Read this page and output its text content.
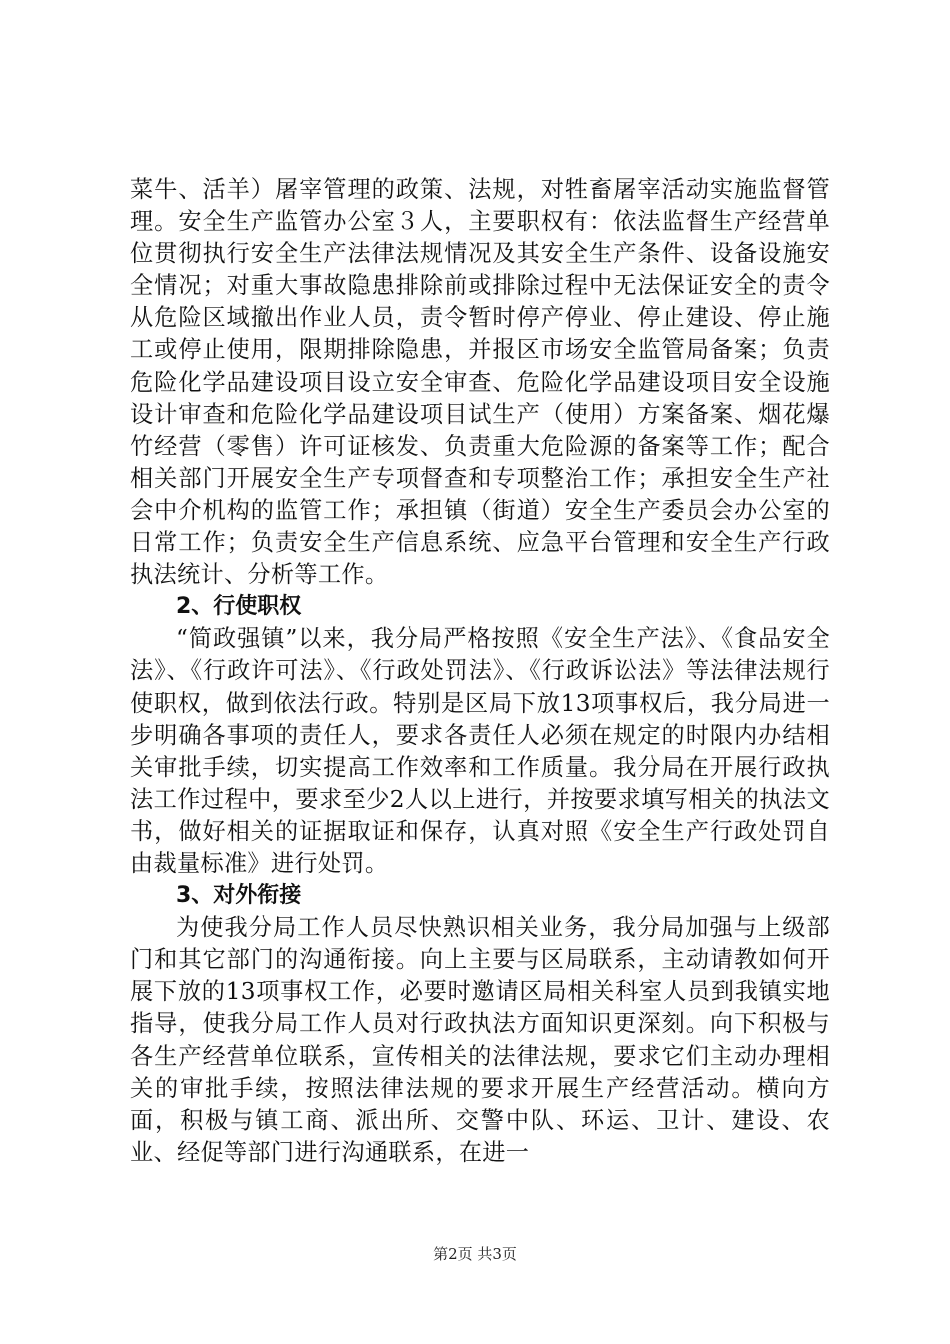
菜牛、活羊）屠宰管理的政策、法规，对牲畜屠宰活动实施监督管理。安全生产监管办公室３人，主要职权有：依法监督生产经营单位贯彻执行安全生产法律法规情况及其安全生产条件、设备设施安全情况；对重大事故隐患排除前或排除过程中无法保证安全的责令从危险区域撤出作业人员，责令暂时停产停业、停止建设、停止施工或停止使用，限期排除隐患，并报区市场安全监管局备案；负责危险化学品建设项目设立安全审查、危险化学品建设项目安全设施设计审查和危险化学品建设项目试生产（使用）方案备案、烟花爆竹经营（零售）许可证核发、负责重大危险源的备案等工作；配合相关部门开展安全生产专项督查和专项整治工作；承担安全生产社会中介机构的监管工作；承担镇（街道）安全生产委员会办公室的日常工作；负责安全生产信息系统、应急平台管理和安全生产行政执法统计、分析等工作。

2、行使职权

“简政强镇”以来，我分局严格按照《安全生产法》、《食品安全法》、《行政许可法》、《行政处罚法》、《行政诉讼法》等法律法规行使职权，做到依法行政。特别是区局下放13项事权后，我分局进一步明确各事项的责任人，要求各责任人必须在规定的时限内办结相关审批手续，切实提高工作效率和工作质量。我分局在开展行政执法工作过程中，要求至少2人以上进行，并按要求填写相关的执法文书，做好相关的证据取证和保存，认真对照《安全生产行政处罚自由裁量标准》进行处罚。

3、对外衔接

为使我分局工作人员尽快熟识相关业务，我分局加强与上级部门和其它部门的沟通衔接。向上主要与区局联系，主动请教如何开展下放的13项事权工作，必要时邀请区局相关科室人员到我镇实地指导，使我分局工作人员对行政执法方面知识更深刻。向下积极与各生产经营单位联系，宣传相关的法律法规，要求它们主动办理相关的审批手续，按照法律法规的要求开展生产经营活动。横向方面，积极与镇工商、派出所、交警中队、环运、卫计、建设、农业、经促等部门进行沟通联系，在进一

第2页 共3页
